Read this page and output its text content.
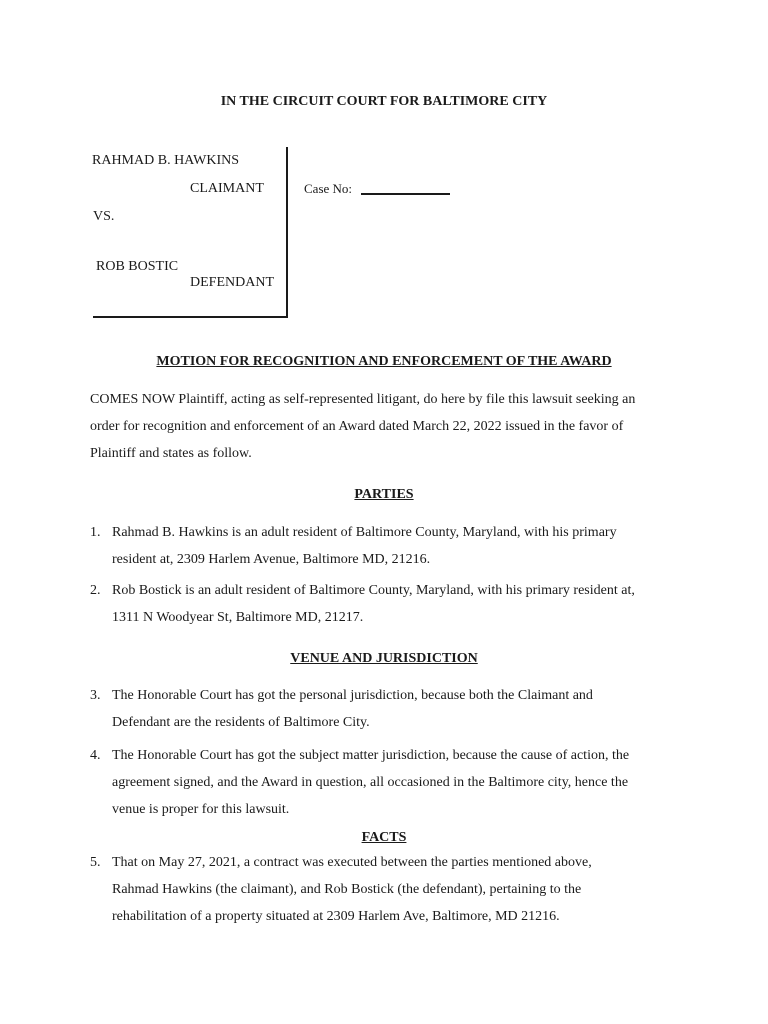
IN THE CIRCUIT COURT FOR BALTIMORE CITY
RAHMAD B. HAWKINS
CLAIMANT
VS.
ROB BOSTIC
DEFENDANT
Case No:
MOTION FOR RECOGNITION AND ENFORCEMENT OF THE AWARD
COMES NOW Plaintiff, acting as self-represented litigant, do here by file this lawsuit seeking an
order for recognition and enforcement of an Award dated March 22, 2022 issued in the favor of
Plaintiff and states as follow.
PARTIES
1. Rahmad B. Hawkins is an adult resident of Baltimore County, Maryland, with his primary
resident at, 2309 Harlem Avenue, Baltimore MD, 21216.
2. Rob Bostick is an adult resident of Baltimore County, Maryland, with his primary resident at,
1311 N Woodyear St, Baltimore MD, 21217.
VENUE AND JURISDICTION
3. The Honorable Court has got the personal jurisdiction, because both the Claimant and
Defendant are the residents of Baltimore City.
4. The Honorable Court has got the subject matter jurisdiction, because the cause of action, the
agreement signed, and the Award in question, all occasioned in the Baltimore city, hence the
venue is proper for this lawsuit.
FACTS
5. That on May 27, 2021, a contract was executed between the parties mentioned above,
Rahmad Hawkins (the claimant), and Rob Bostick (the defendant), pertaining to the
rehabilitation of a property situated at 2309 Harlem Ave, Baltimore, MD 21216.
